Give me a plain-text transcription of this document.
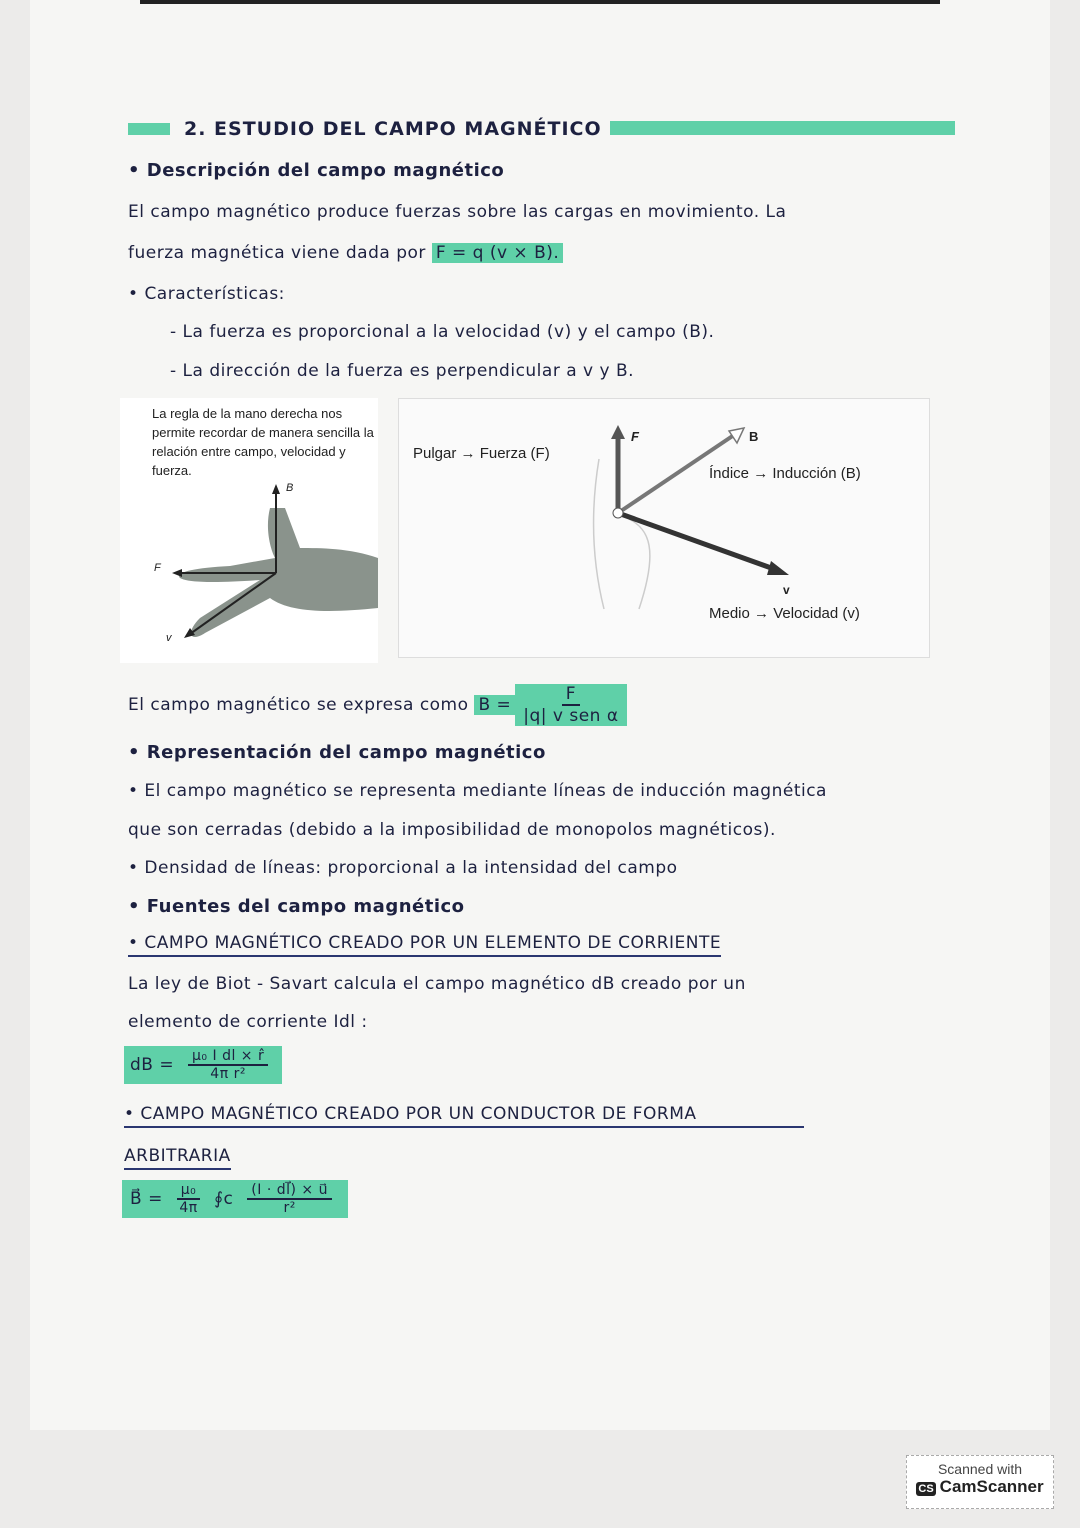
2. ESTUDIO DEL CAMPO MAGNÉTICO
• Descripción del campo magnético
El campo magnético produce fuerzas sobre las cargas en movimiento. La
fuerza magnética viene dada por F = q (v × B).
• Características:
- La fuerza es proporcional a la velocidad (v) y el campo (B).
- La dirección de la fuerza es perpendicular a v y B.
La regla de la mano derecha nos permite recordar de manera sencilla la relación entre campo, velocidad y fuerza.
B
F
v
Pulgar → Fuerza (F)
F	B
Índice → Inducción (B)
v
Medio → Velocidad (v)
El campo magnético se expresa como $B = \frac{F}{\text{|q| v sen α}}$
• Representación del campo magnético
• El campo magnético se representa mediante líneas de inducción magnética
que son cerradas (debido a la imposibilidad de monopolos magnéticos).
• Densidad de líneas: proporcional a la intensidad del campo
• Fuentes del campo magnético
• CAMPO MAGNÉTICO CREADO POR UN ELEMENTO DE CORRIENTE
La ley de Biot - Savart calcula el campo magnético dB creado por un
elemento de corriente Idl :
dB = $\frac{\text{μ₀ I dl × r̂}}{\text{4π r²}}$
• CAMPO MAGNÉTICO CREADO POR UN CONDUCTOR DE FORMA
ARBITRARIA
B⃗ = $\frac{\text{μ₀}}{4\pi}$ ∮c $\frac{(I \cdot dl⃗) \times u⃗}{\text{r²}}$
Scanned with
CS CamScanner
